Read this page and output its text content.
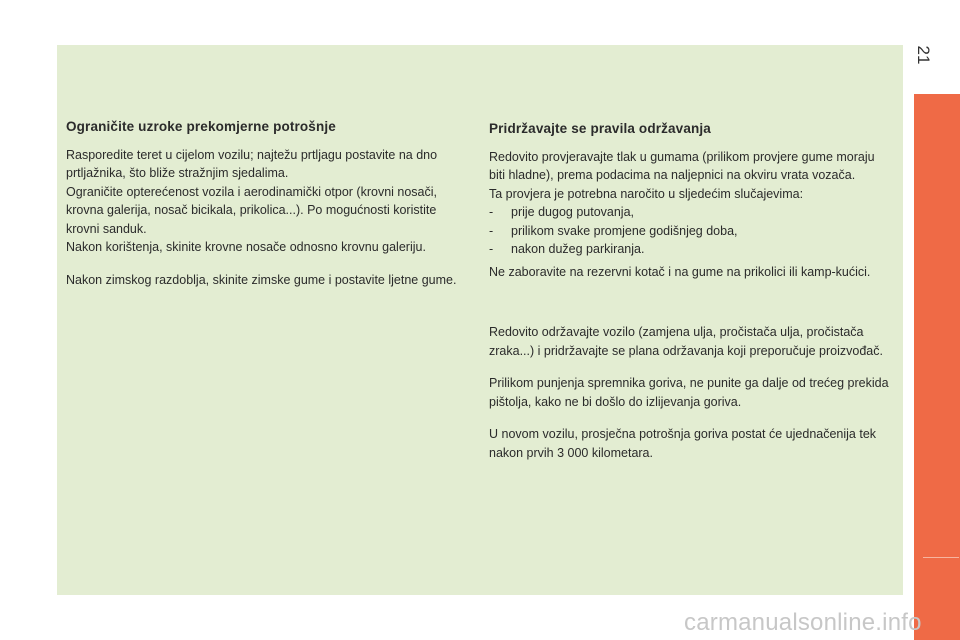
21
Ograničite uzroke prekomjerne potrošnje

Rasporedite teret u cijelom vozilu; najtežu prtljagu postavite na dno prtljažnika, što bliže stražnjim sjedalima.

Ograničite opterećenost vozila i aerodinamički otpor (krovni nosači, krovna galerija, nosač bicikala, prikolica...). Po mogućnosti koristite krovni sanduk.

Nakon korištenja, skinite krovne nosače odnosno krovnu galeriju.

Nakon zimskog razdoblja, skinite zimske gume i postavite ljetne gume.

Pridržavajte se pravila održavanja

Redovito provjeravajte tlak u gumama (prilikom provjere gume moraju biti hladne), prema podacima na naljepnici na okviru vrata vozača.

Ta provjera je potrebna naročito u sljedećim slučajevima:

- prije dugog putovanja,
- prilikom svake promjene godišnjeg doba,
- nakon dužeg parkiranja.

Ne zaboravite na rezervni kotač i na gume na prikolici ili kamp-kućici.

Redovito održavajte vozilo (zamjena ulja, pročistača ulja, pročistača zraka...) i pridržavajte se plana održavanja koji preporučuje proizvođač.

Prilikom punjenja spremnika goriva, ne punite ga dalje od trećeg prekida pištolja, kako ne bi došlo do izlijevanja goriva.

U novom vozilu, prosječna potrošnja goriva postat će ujednačenija tek nakon prvih 3 000 kilometara.

carmanualsonline.info
